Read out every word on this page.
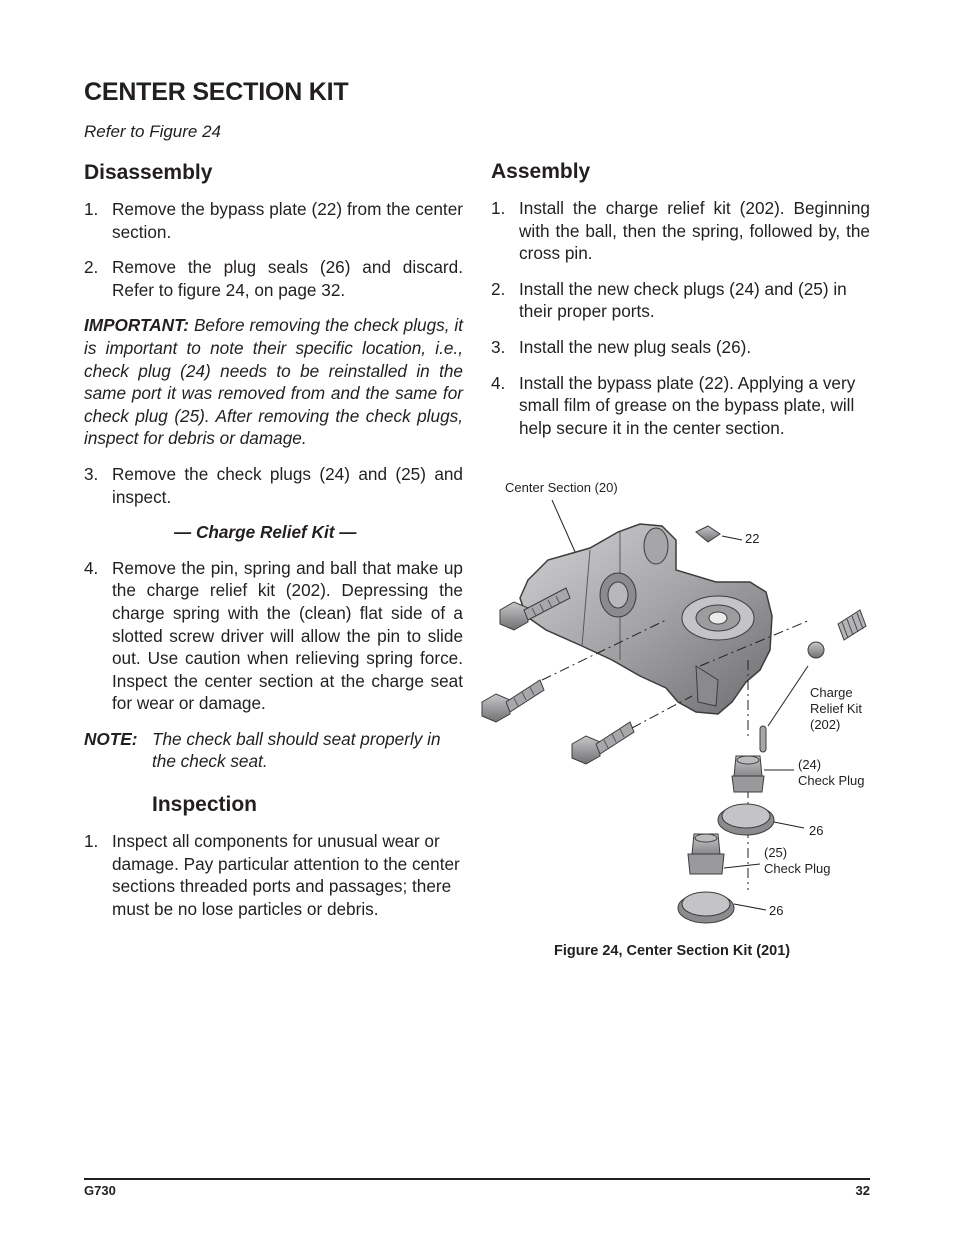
CENTER SECTION KIT
Refer to Figure 24
Disassembly
1. Remove the bypass plate (22) from the center section.
2. Remove the plug seals (26) and discard. Refer to figure 24, on page 32.
IMPORTANT: Before removing the check plugs, it is important to note their specific location, i.e., check plug (24) needs to be reinstalled in the same port it was removed from and the same for check plug (25). After removing the check plugs, inspect for debris or damage.
3. Remove the check plugs (24) and (25) and inspect.
— Charge Relief Kit —
4. Remove the pin, spring and ball that make up the charge relief kit (202). Depressing the charge spring with the (clean) flat side of a slotted screw driver will allow the pin to slide out. Use caution when relieving spring force. Inspect the center section at the charge seat for wear or damage.
NOTE: The check ball should seat properly in the check seat.
Inspection
1. Inspect all components for unusual wear or damage. Pay particular attention to the center sections threaded ports and passages; there must be no lose particles or debris.
Assembly
1. Install the charge relief kit (202). Beginning with the ball, then the spring, followed by, the cross pin.
2. Install the new check plugs (24) and (25) in their proper ports.
3. Install the new plug seals (26).
4. Install the bypass plate (22). Applying a very small film of grease on the bypass plate, will help secure it in the center section.
Center Section (20)
22
Charge
Relief Kit
(202)
(24)
Check Plug
26
(25)
Check Plug
26
Figure 24, Center Section Kit (201)
G730	32
